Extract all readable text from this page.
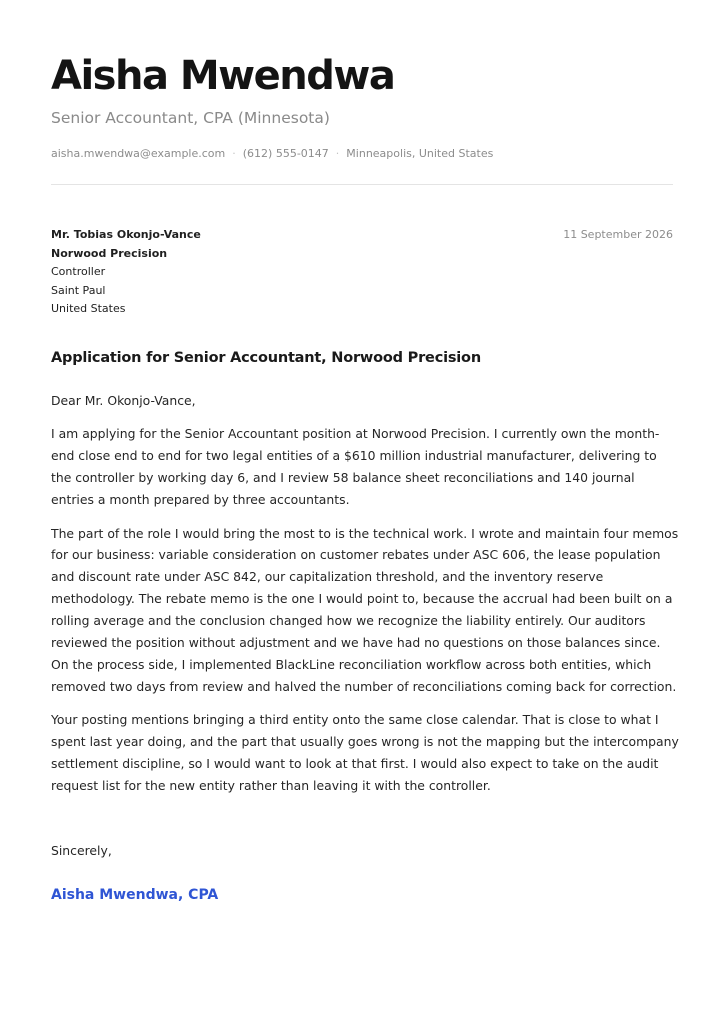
Aisha Mwendwa
Senior Accountant, CPA (Minnesota)
aisha.mwendwa@example.com · (612) 555-0147 · Minneapolis, United States
Mr. Tobias Okonjo-Vance
Norwood Precision
Controller
Saint Paul
United States
11 September 2026
Application for Senior Accountant, Norwood Precision

Dear Mr. Okonjo-Vance,

I am applying for the Senior Accountant position at Norwood Precision. I currently own the month-end close end to end for two legal entities of a $610 million industrial manufacturer, delivering to the controller by working day 6, and I review 58 balance sheet reconciliations and 140 journal entries a month prepared by three accountants.

The part of the role I would bring the most to is the technical work. I wrote and maintain four memos for our business: variable consideration on customer rebates under ASC 606, the lease population and discount rate under ASC 842, our capitalization threshold, and the inventory reserve methodology. The rebate memo is the one I would point to, because the accrual had been built on a rolling average and the conclusion changed how we recognize the liability entirely. Our auditors reviewed the position without adjustment and we have had no questions on those balances since. On the process side, I implemented BlackLine reconciliation workflow across both entities, which removed two days from review and halved the number of reconciliations coming back for correction.

Your posting mentions bringing a third entity onto the same close calendar. That is close to what I spent last year doing, and the part that usually goes wrong is not the mapping but the intercompany settlement discipline, so I would want to look at that first. I would also expect to take on the audit request list for the new entity rather than leaving it with the controller.

Sincerely,
Aisha Mwendwa, CPA
